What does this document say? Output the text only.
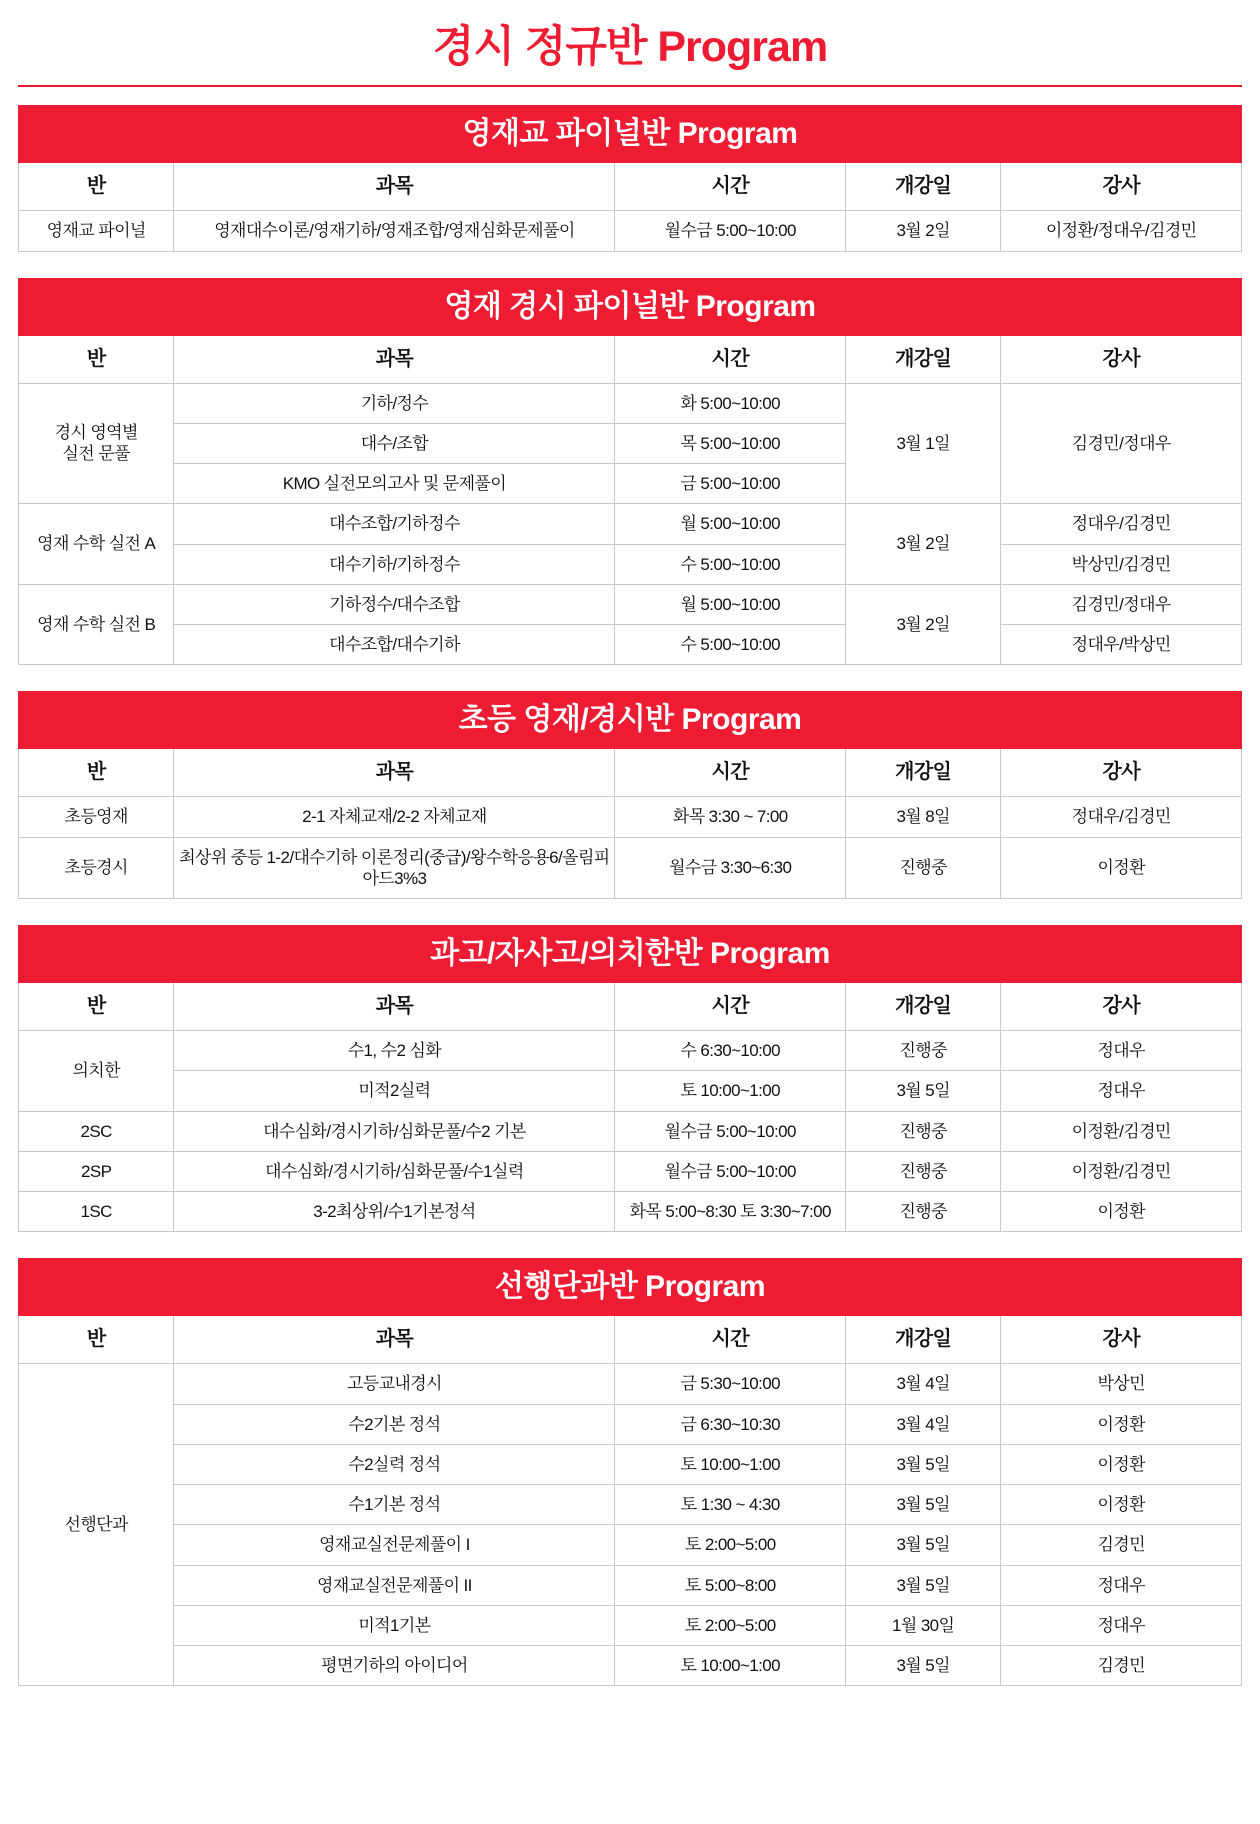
경시 정규반 Program
영재교 파이널반 Program
반	과목	시간	개강일	강사
영재교 파이널	영재대수이론/영재기하/영재조합/영재심화문제풀이	월수금 5:00~10:00	3월 2일	이정환/정대우/김경민
영재 경시 파이널반 Program
반	과목	시간	개강일	강사
경시 영역별
실전 문풀	기하/정수	화 5:00~10:00	3월 1일	김경민/정대우
	대수/조합	목 5:00~10:00		
	KMO 실전모의고사 및 문제풀이	금 5:00~10:00		
영재 수학 실전 A	대수조합/기하정수	월 5:00~10:00	3월 2일	정대우/김경민
	대수기하/기하정수	수 5:00~10:00		박상민/김경민
영재 수학 실전 B	기하정수/대수조합	월 5:00~10:00	3월 2일	김경민/정대우
	대수조합/대수기하	수 5:00~10:00		정대우/박상민
초등 영재/경시반 Program
반	과목	시간	개강일	강사
초등영재	2-1 자체교재/2-2 자체교재	화목 3:30 ~ 7:00	3월 8일	정대우/김경민
초등경시	최상위 중등 1-2/대수기하 이론정리(중급)/왕수학응용6/올림피아드3%3	월수금 3:30~6:30	진행중	이정환
과고/자사고/의치한반 Program
반	과목	시간	개강일	강사
의치한	수1, 수2 심화	수 6:30~10:00	진행중	정대우
	미적2실력	토 10:00~1:00	3월 5일	정대우
2SC	대수심화/경시기하/심화문풀/수2 기본	월수금 5:00~10:00	진행중	이정환/김경민
2SP	대수심화/경시기하/심화문풀/수1실력	월수금 5:00~10:00	진행중	이정환/김경민
1SC	3-2최상위/수1기본정석	화목 5:00~8:30 토 3:30~7:00	진행중	이정환
선행단과반 Program
반	과목	시간	개강일	강사
선행단과	고등교내경시	금 5:30~10:00	3월 4일	박상민
	수2기본 정석	금 6:30~10:30	3월 4일	이정환
	수2실력 정석	토 10:00~1:00	3월 5일	이정환
	수1기본 정석	토 1:30 ~ 4:30	3월 5일	이정환
	영재교실전문제풀이 I	토 2:00~5:00	3월 5일	김경민
	영재교실전문제풀이 II	토 5:00~8:00	3월 5일	정대우
	미적1기본	토 2:00~5:00	1월 30일	정대우
	평면기하의 아이디어	토 10:00~1:00	3월 5일	김경민
